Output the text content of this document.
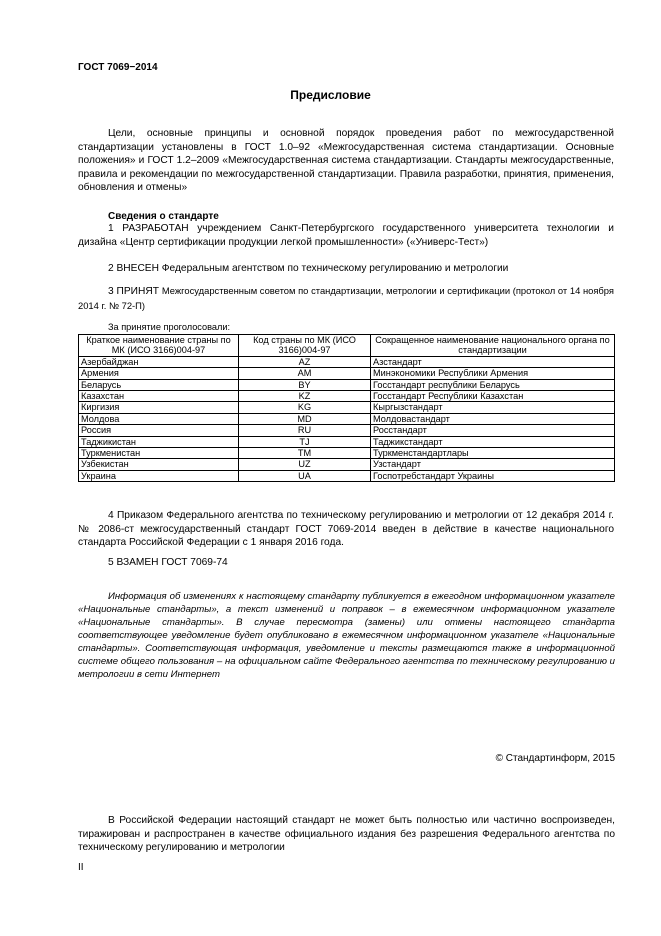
ГОСТ 7069−2014
Предисловие
Цели, основные принципы и основной порядок проведения работ по межгосударственной стандартизации установлены в ГОСТ 1.0–92 «Межгосударственная система стандартизации. Основные положения» и ГОСТ 1.2–2009 «Межгосударственная система стандартизации. Стандарты межгосударственные, правила и рекомендации по межгосударственной стандартизации. Правила разработки, принятия, применения, обновления и отмены»
Сведения о стандарте
1 РАЗРАБОТАН учреждением Санкт-Петербургского государственного университета технологии и дизайна «Центр сертификации продукции легкой промышленности» («Универс-Тест»)
2 ВНЕСЕН Федеральным агентством по техническому регулированию и метрологии
3 ПРИНЯТ Межгосударственным советом по стандартизации, метрологии и сертификации (протокол от 14 ноября 2014 г. № 72-П)
За принятие проголосовали:
Краткое наименование страны по МК (ИСО 3166)004-97	Код страны по МК (ИСО 3166)004-97	Сокращенное наименование национального органа по стандартизации
Азербайджан	AZ	Азстандарт
Армения	AM	Минэкономики Республики Армения
Беларусь	BY	Госстандарт республики Беларусь
Казахстан	KZ	Госстандарт Республики Казахстан
Киргизия	KG	Кыргызстандарт
Молдова	MD	Молдовастандарт
Россия	RU	Росстандарт
Таджикистан	TJ	Таджикстандарт
Туркменистан	TM	Туркменстандартлары
Узбекистан	UZ	Узстандарт
Украина	UA	Госпотребстандарт Украины
4 Приказом Федерального агентства по техническому регулированию и метрологии от 12 декабря 2014 г. № 2086-ст межгосударственный стандарт ГОСТ 7069-2014 введен в действие в качестве национального стандарта Российской Федерации с 1 января 2016 года.
5 ВЗАМЕН ГОСТ 7069-74
Информация об изменениях к настоящему стандарту публикуется в ежегодном информационном указателе «Национальные стандарты», а текст изменений и поправок – в ежемесячном информационном указателе «Национальные стандарты». В случае пересмотра (замены) или отмены настоящего стандарта соответствующее уведомление будет опубликовано в ежемесячном информационном указателе «Национальные стандарты». Соответствующая информация, уведомление и тексты размещаются также в информационной системе общего пользования – на официальном сайте Федерального агентства по техническому регулированию и метрологии в сети Интернет
© Стандартинформ, 2015
В Российской Федерации настоящий стандарт не может быть полностью или частично воспроизведен, тиражирован и распространен в качестве официального издания без разрешения Федерального агентства по техническому регулированию и метрологии
II
